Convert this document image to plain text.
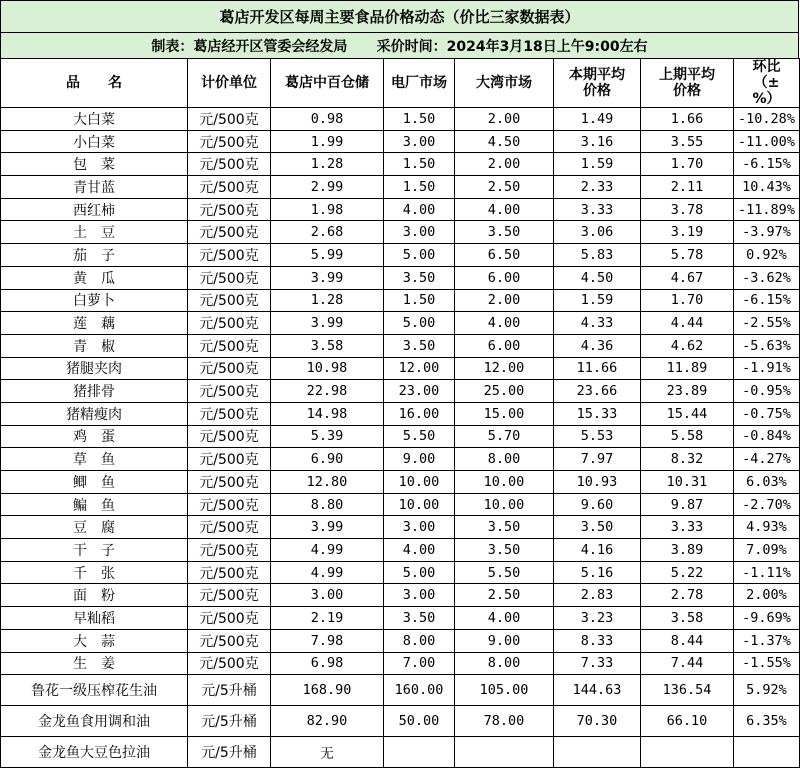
葛店开发区每周主要食品价格动态（价比三家数据表）
制表：葛店经开区管委会经发局      采价时间：2024年3月18日上午9:00左右
品　　名	计价单位	葛店中百仓储	电厂市场	大湾市场	本期平均价格	上期平均价格	环比（±%）
大白菜	元/500克	0.98	1.50	2.00	1.49	1.66	-10.28%
小白菜	元/500克	1.99	3.00	4.50	3.16	3.55	-11.00%
包　菜	元/500克	1.28	1.50	2.00	1.59	1.70	-6.15%
青甘蓝	元/500克	2.99	1.50	2.50	2.33	2.11	10.43%
西红柿	元/500克	1.98	4.00	4.00	3.33	3.78	-11.89%
土　豆	元/500克	2.68	3.00	3.50	3.06	3.19	-3.97%
茄　子	元/500克	5.99	5.00	6.50	5.83	5.78	0.92%
黄　瓜	元/500克	3.99	3.50	6.00	4.50	4.67	-3.62%
白萝卜	元/500克	1.28	1.50	2.00	1.59	1.70	-6.15%
莲　藕	元/500克	3.99	5.00	4.00	4.33	4.44	-2.55%
青　椒	元/500克	3.58	3.50	6.00	4.36	4.62	-5.63%
猪腿夹肉	元/500克	10.98	12.00	12.00	11.66	11.89	-1.91%
猪排骨	元/500克	22.98	23.00	25.00	23.66	23.89	-0.95%
猪精瘦肉	元/500克	14.98	16.00	15.00	15.33	15.44	-0.75%
鸡　蛋	元/500克	5.39	5.50	5.70	5.53	5.58	-0.84%
草　鱼	元/500克	6.90	9.00	8.00	7.97	8.32	-4.27%
鲫　鱼	元/500克	12.80	10.00	10.00	10.93	10.31	6.03%
鳊　鱼	元/500克	8.80	10.00	10.00	9.60	9.87	-2.70%
豆　腐	元/500克	3.99	3.00	3.50	3.50	3.33	4.93%
干　子	元/500克	4.99	4.00	3.50	4.16	3.89	7.09%
千　张	元/500克	4.99	5.00	5.50	5.16	5.22	-1.11%
面　粉	元/500克	3.00	3.00	2.50	2.83	2.78	2.00%
早籼稻	元/500克	2.19	3.50	4.00	3.23	3.58	-9.69%
大　蒜	元/500克	7.98	8.00	9.00	8.33	8.44	-1.37%
生　姜	元/500克	6.98	7.00	8.00	7.33	7.44	-1.55%
鲁花一级压榨花生油	元/5升桶	168.90	160.00	105.00	144.63	136.54	5.92%
金龙鱼食用调和油	元/5升桶	82.90	50.00	78.00	70.30	66.10	6.35%
金龙鱼大豆色拉油	元/5升桶	无					
